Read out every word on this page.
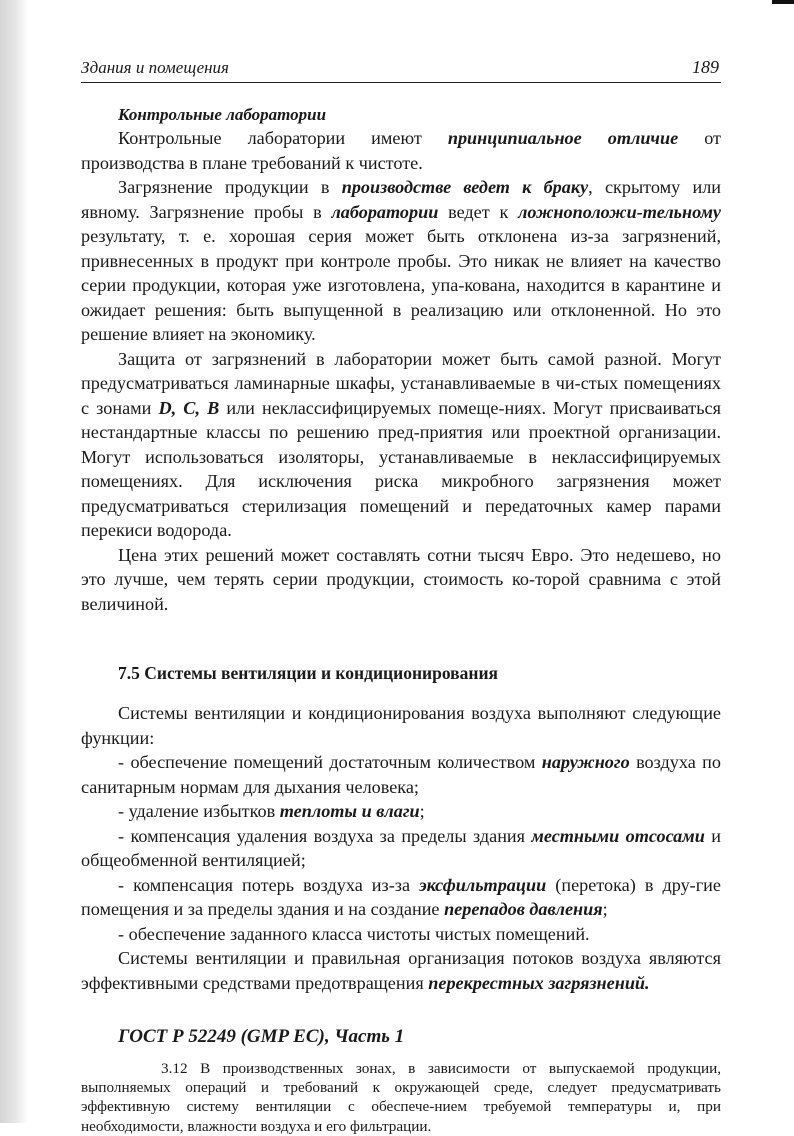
Здания и помещения	189
Контрольные лаборатории

Контрольные лаборатории имеют принципиальное отличие от производства в плане требований к чистоте.

Загрязнение продукции в производстве ведет к браку, скрытому или явному. Загрязнение пробы в лаборатории ведет к ложноположи-тельному результату, т. е. хорошая серия может быть отклонена из-за загрязнений, привнесенных в продукт при контроле пробы. Это никак не влияет на качество серии продукции, которая уже изготовлена, упа-кована, находится в карантине и ожидает решения: быть выпущенной в реализацию или отклоненной. Но это решение влияет на экономику.

Защита от загрязнений в лаборатории может быть самой разной. Могут предусматриваться ламинарные шкафы, устанавливаемые в чи-стых помещениях с зонами D, C, B или неклассифицируемых помеще-ниях. Могут присваиваться нестандартные классы по решению пред-приятия или проектной организации. Могут использоваться изоляторы, устанавливаемые в неклассифицируемых помещениях. Для исключения риска микробного загрязнения может предусматриваться стерилизация помещений и передаточных камер парами перекиси водорода.

Цена этих решений может составлять сотни тысяч Евро. Это недешево, но это лучше, чем терять серии продукции, стоимость ко-торой сравнима с этой величиной.

7.5 Системы вентиляции и кондиционирования

Системы вентиляции и кондиционирования воздуха выполняют следующие функции:

- обеспечение помещений достаточным количеством наружного воздуха по санитарным нормам для дыхания человека;

- удаление избытков теплоты и влаги;

- компенсация удаления воздуха за пределы здания местными отсосами и общеобменной вентиляцией;

- компенсация потерь воздуха из-за эксфильтрации (перетока) в дру-гие помещения и за пределы здания и на создание перепадов давления;

- обеспечение заданного класса чистоты чистых помещений.

Системы вентиляции и правильная организация потоков воздуха являются эффективными средствами предотвращения перекрестных загрязнений.

ГОСТ Р 52249 (GMP ЕС), Часть 1

3.12 В производственных зонах, в зависимости от выпускаемой продукции, выполняемых операций и требований к окружающей среде, следует предусматривать эффективную систему вентиляции с обеспече-нием требуемой температуры и, при необходимости, влажности воздуха и его фильтрации.
